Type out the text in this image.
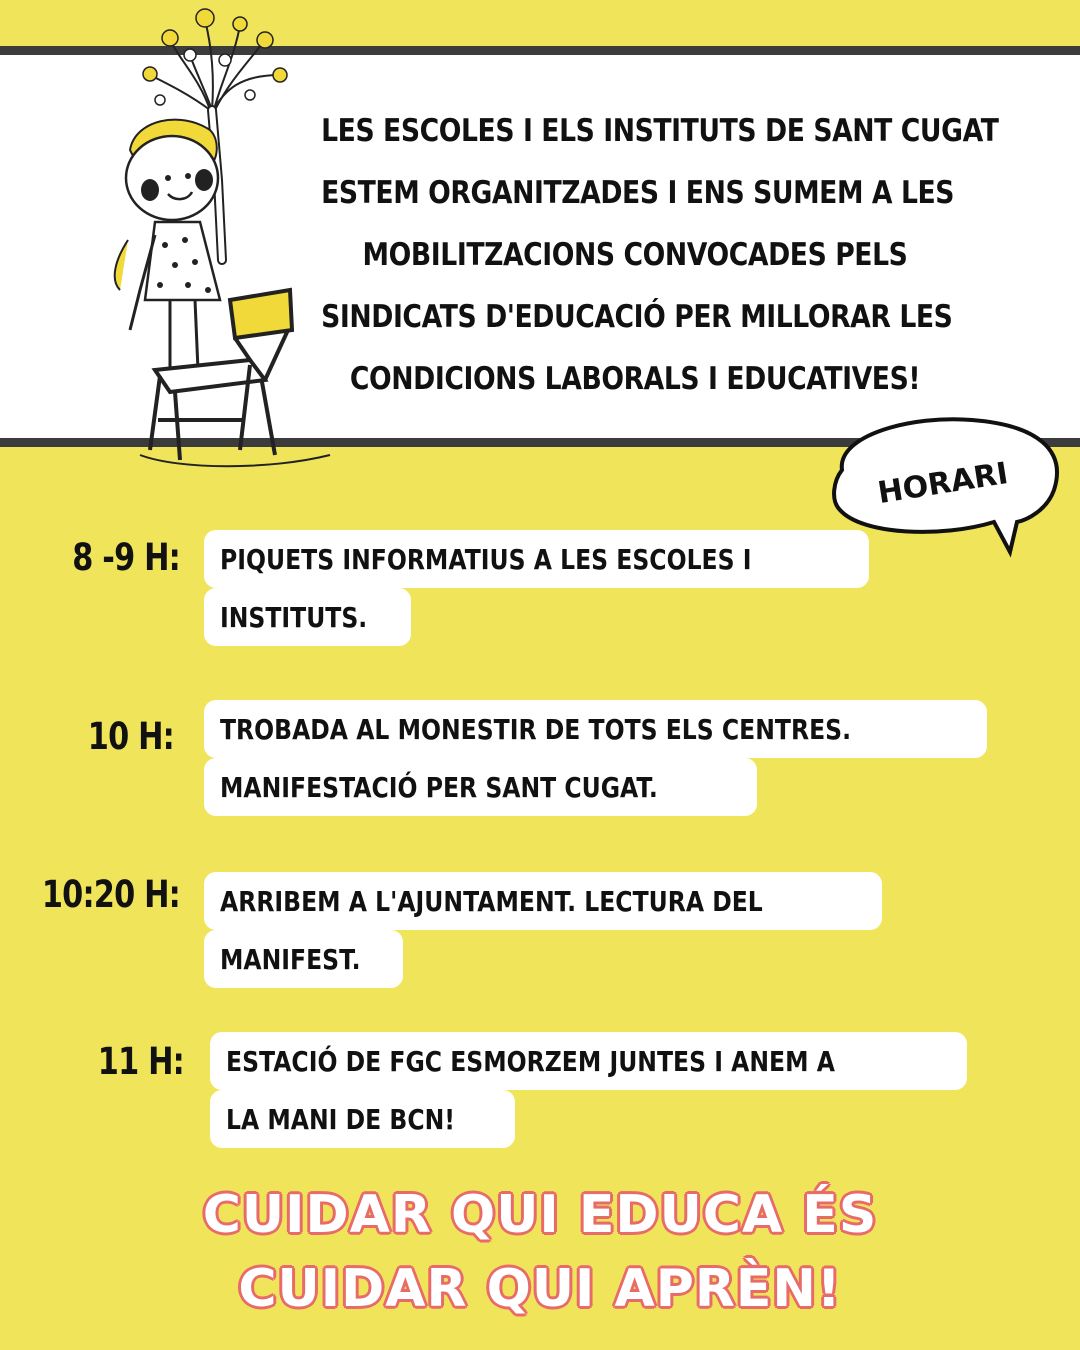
LES ESCOLES I ELS INSTITUTS DE SANT CUGAT
ESTEM ORGANITZADES I ENS SUMEM A LES
MOBILITZACIONS CONVOCADES PELS
SINDICATS D'EDUCACIÓ PER MILLORAR LES
CONDICIONS LABORALS I EDUCATIVES!
HORARI
8 -9 H:	PIQUETS INFORMATIUS A LES ESCOLES I
INSTITUTS.
10 H:	TROBADA AL MONESTIR DE TOTS ELS CENTRES.
MANIFESTACIÓ PER SANT CUGAT.
10:20 H:	ARRIBEM A L'AJUNTAMENT. LECTURA DEL
MANIFEST.
11 H:	ESTACIÓ DE FGC ESMORZEM JUNTES I ANEM A
LA MANI DE BCN!
CUIDAR QUI EDUCA ÉS
CUIDAR QUI APRÈN!
